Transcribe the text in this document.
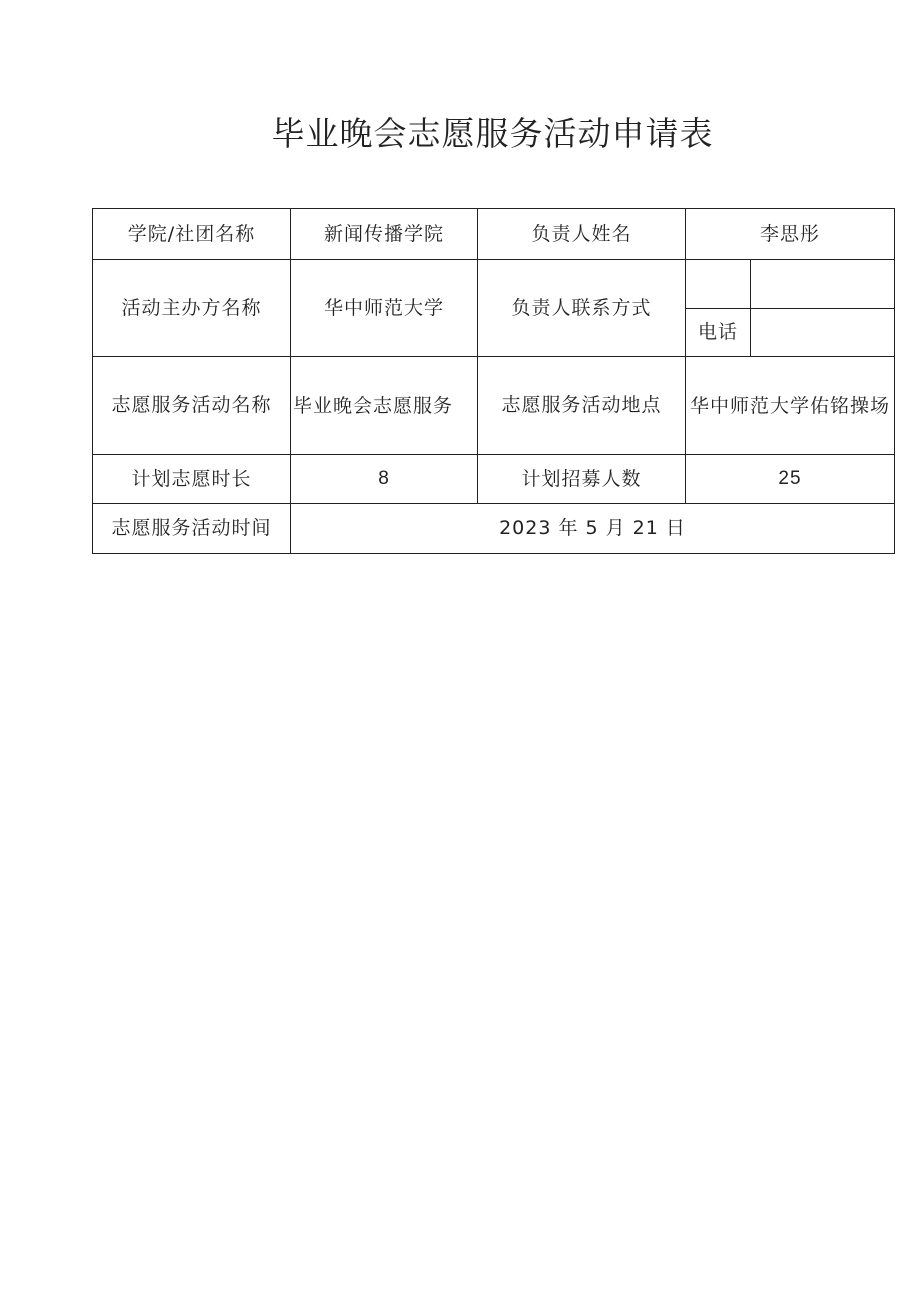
毕业晚会志愿服务活动申请表
学院/社团名称	新闻传播学院	负责人姓名	李思彤
活动主办方名称	华中师范大学	负责人联系方式	电话

志愿服务活动名称	毕业晚会志愿服务	志愿服务活动地点	华中师范大学佑铭操场
计划志愿时长	8	计划招募人数	25
志愿服务活动时间	2023 年 5 月 21 日		
